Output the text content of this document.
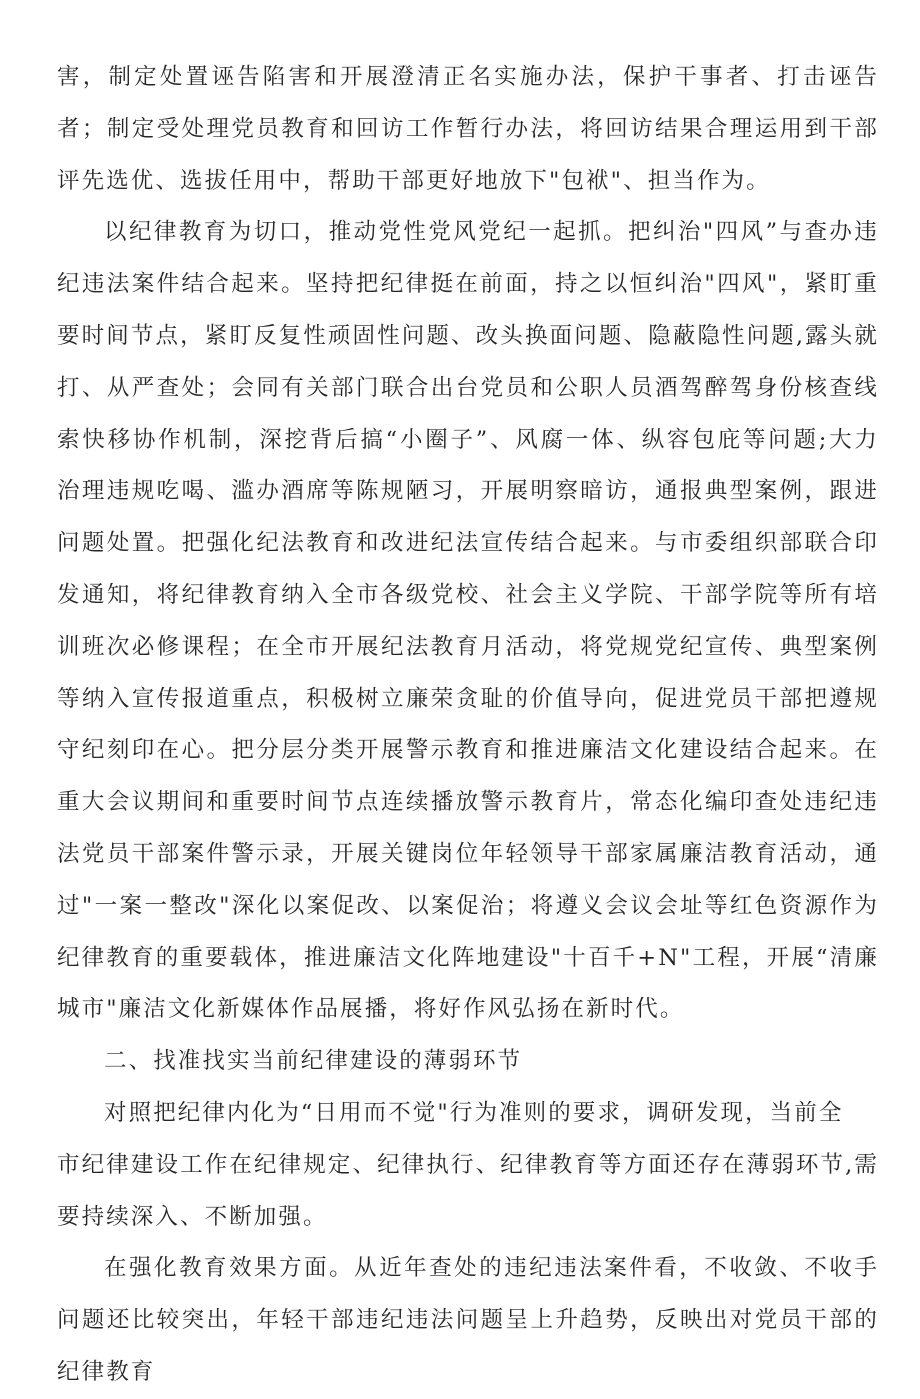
害，制定处置诬告陷害和开展澄清正名实施办法，保护干事者、打击诬告者；制定受处理党员教育和回访工作暂行办法，将回访结果合理运用到干部评先选优、选拔任用中，帮助干部更好地放下"包袱"、担当作为。

以纪律教育为切口，推动党性党风党纪一起抓。把纠治"四风”与查办违纪违法案件结合起来。坚持把纪律挺在前面，持之以恒纠治"四风"，紧盯重要时间节点，紧盯反复性顽固性问题、改头换面问题、隐蔽隐性问题,露头就打、从严查处；会同有关部门联合出台党员和公职人员酒驾醉驾身份核查线索快移协作机制，深挖背后搞“小圈子”、风腐一体、纵容包庇等问题;大力治理违规吃喝、滥办酒席等陈规陋习，开展明察暗访，通报典型案例，跟进问题处置。把强化纪法教育和改进纪法宣传结合起来。与市委组织部联合印发通知，将纪律教育纳入全市各级党校、社会主义学院、干部学院等所有培训班次必修课程；在全市开展纪法教育月活动，将党规党纪宣传、典型案例等纳入宣传报道重点，积极树立廉荣贪耻的价值导向，促进党员干部把遵规守纪刻印在心。把分层分类开展警示教育和推进廉洁文化建设结合起来。在重大会议期间和重要时间节点连续播放警示教育片，常态化编印查处违纪违法党员干部案件警示录，开展关键岗位年轻领导干部家属廉洁教育活动，通过"一案一整改"深化以案促改、以案促治；将遵义会议会址等红色资源作为纪律教育的重要载体，推进廉洁文化阵地建设"十百千+N"工程，开展“清廉城市"廉洁文化新媒体作品展播，将好作风弘扬在新时代。

二、找准找实当前纪律建设的薄弱环节

对照把纪律内化为“日用而不觉"行为准则的要求，调研发现，当前全
市纪律建设工作在纪律规定、纪律执行、纪律教育等方面还存在薄弱环节,需要持续深入、不断加强。

在强化教育效果方面。从近年查处的违纪违法案件看，不收敛、不收手问题还比较突出，年轻干部违纪违法问题呈上升趋势，反映出对党员干部的纪律教育
